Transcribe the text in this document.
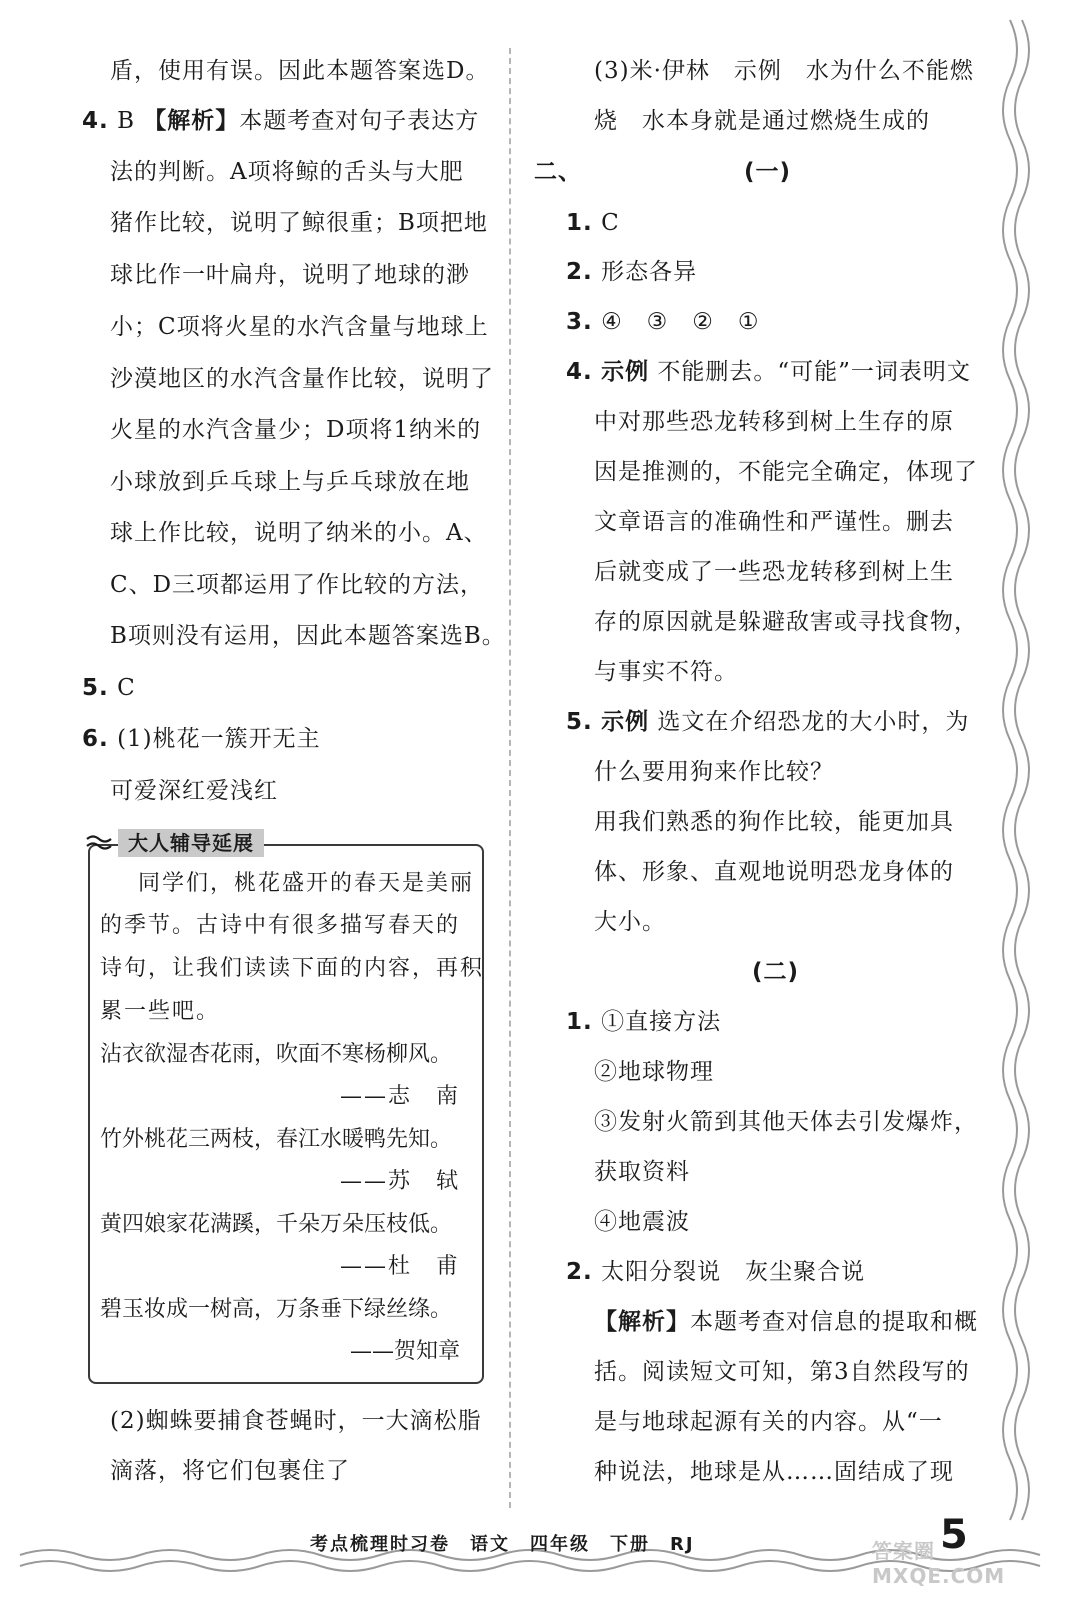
盾，使用有误。因此本题答案选D。
4. B 【解析】本题考查对句子表达方
法的判断。A项将鲸的舌头与大肥
猪作比较，说明了鲸很重；B项把地
球比作一叶扁舟，说明了地球的渺
小；C项将火星的水汽含量与地球上
沙漠地区的水汽含量作比较，说明了
火星的水汽含量少；D项将1纳米的
小球放到乒乓球上与乒乓球放在地
球上作比较，说明了纳米的小。A、
C、D三项都运用了作比较的方法，
B项则没有运用，因此本题答案选B。
5. C
6. (1)桃花一簇开无主
可爱深红爱浅红
大人辅导延展
同学们，桃花盛开的春天是美丽
的季节。古诗中有很多描写春天的
诗句，让我们读读下面的内容，再积
累一些吧。
沾衣欲湿杏花雨，吹面不寒杨柳风。
——志　南
竹外桃花三两枝，春江水暖鸭先知。
——苏　轼
黄四娘家花满蹊，千朵万朵压枝低。
——杜　甫
碧玉妆成一树高，万条垂下绿丝绦。
——贺知章
(2)蜘蛛要捕食苍蝇时，一大滴松脂
滴落，将它们包裹住了
(3)米·伊林　示例　水为什么不能燃
烧　水本身就是通过燃烧生成的
二、	(一)
1. C
2. 形态各异
3. ④　③　②　①
4. 示例 不能删去。“可能”一词表明文
中对那些恐龙转移到树上生存的原
因是推测的，不能完全确定，体现了
文章语言的准确性和严谨性。删去
后就变成了一些恐龙转移到树上生
存的原因就是躲避敌害或寻找食物，
与事实不符。
5. 示例 选文在介绍恐龙的大小时，为
什么要用狗来作比较？
用我们熟悉的狗作比较，能更加具
体、形象、直观地说明恐龙身体的
大小。
(二)
1. ①直接方法
②地球物理
③发射火箭到其他天体去引发爆炸，
获取资料
④地震波
2. 太阳分裂说　灰尘聚合说
【解析】本题考查对信息的提取和概
括。阅读短文可知，第3自然段写的
是与地球起源有关的内容。从“一
种说法，地球是从……固结成了现
考点梳理时习卷　语文　四年级　下册　RJ	答案圈 MXQE.COM
5
